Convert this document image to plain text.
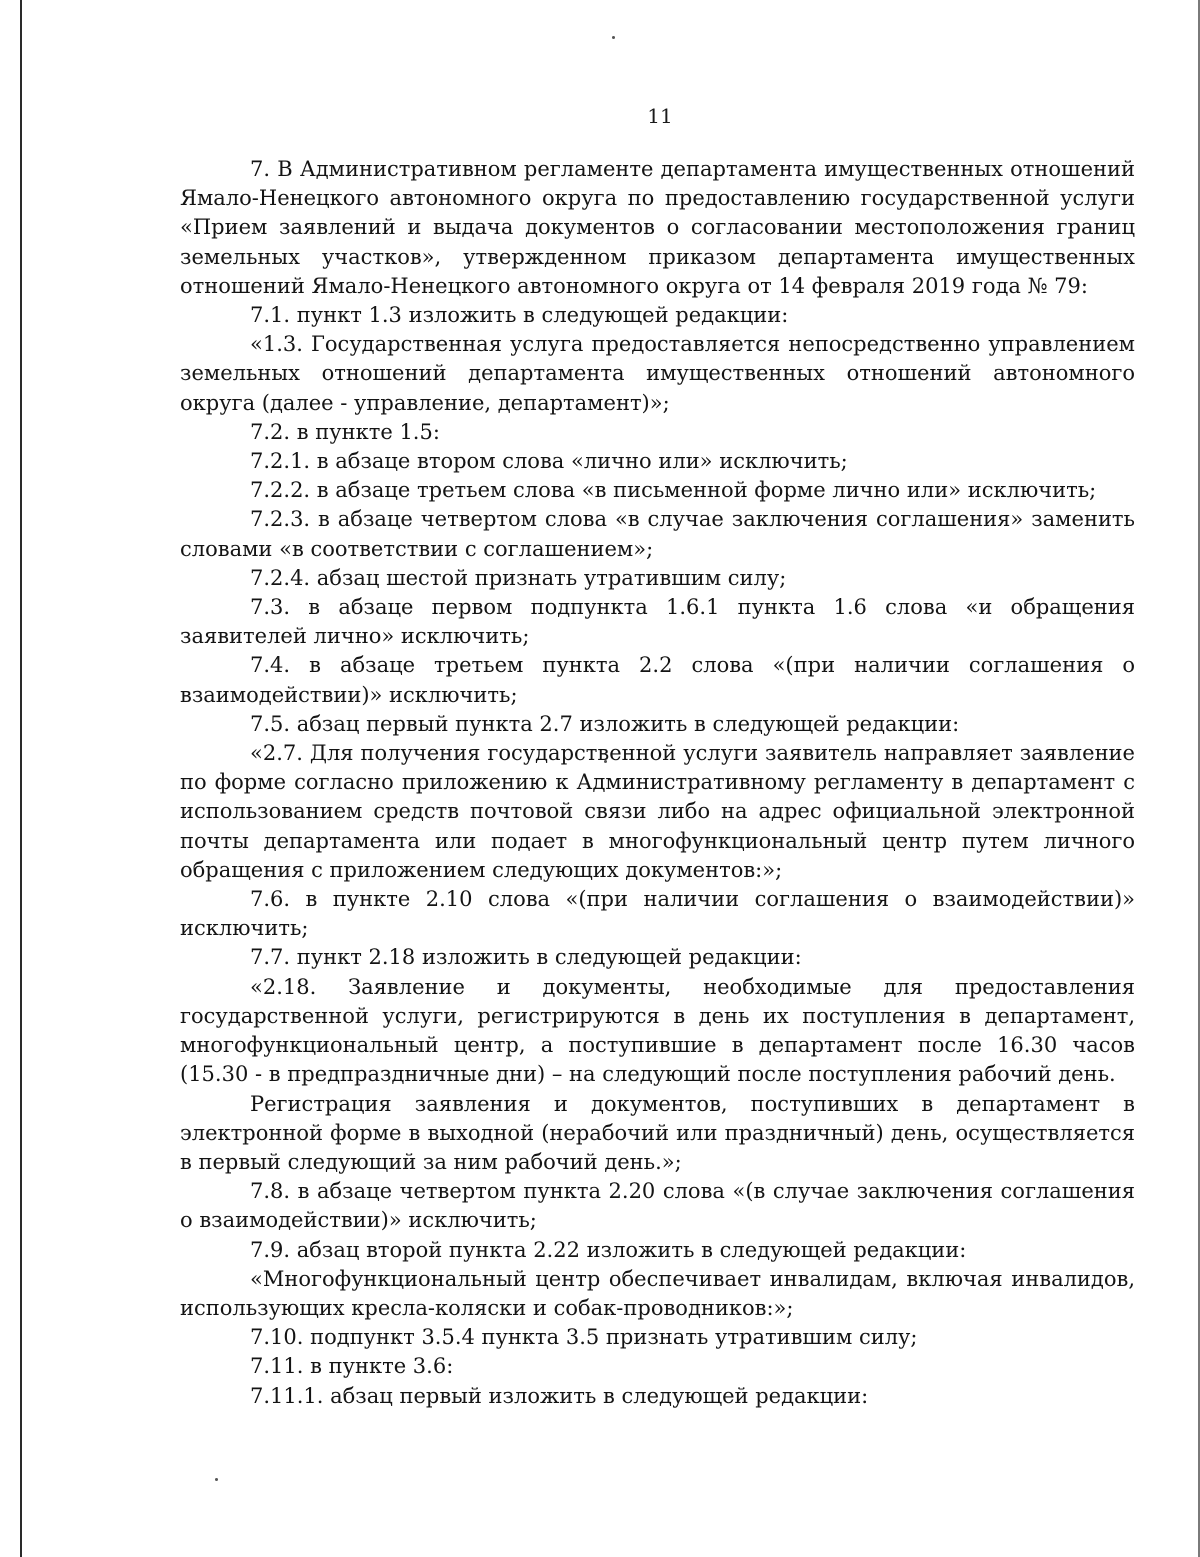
11

7. В Административном регламенте департамента имущественных отношений Ямало-Ненецкого автономного округа по предоставлению государственной услуги «Прием заявлений и выдача документов о согласовании местоположения границ земельных участков», утвержденном приказом департамента имущественных отношений Ямало-Ненецкого автономного округа от 14 февраля 2019 года № 79:

7.1. пункт 1.3 изложить в следующей редакции:

«1.3. Государственная услуга предоставляется непосредственно управлением земельных отношений департамента имущественных отношений автономного округа (далее - управление, департамент)»;

7.2. в пункте 1.5:

7.2.1. в абзаце втором слова «лично или» исключить;

7.2.2. в абзаце третьем слова «в письменной форме лично или» исключить;

7.2.3. в абзаце четвертом слова «в случае заключения соглашения» заменить словами «в соответствии с соглашением»;

7.2.4. абзац шестой признать утратившим силу;

7.3. в абзаце первом подпункта 1.6.1 пункта 1.6 слова «и обращения заявителей лично» исключить;

7.4. в абзаце третьем пункта 2.2 слова «(при наличии соглашения о взаимодействии)» исключить;

7.5. абзац первый пункта 2.7 изложить в следующей редакции:

«2.7. Для получения государственной услуги заявитель направляет заявление по форме согласно приложению к Административному регламенту в департамент с использованием средств почтовой связи либо на адрес официальной электронной почты департамента или подает в многофункциональный центр путем личного обращения с приложением следующих документов:»;

7.6. в пункте 2.10 слова «(при наличии соглашения о взаимодействии)» исключить;

7.7. пункт 2.18 изложить в следующей редакции:

«2.18. Заявление и документы, необходимые для предоставления государственной услуги, регистрируются в день их поступления в департамент, многофункциональный центр, а поступившие в департамент после 16.30 часов (15.30 - в предпраздничные дни) – на следующий после поступления рабочий день.

Регистрация заявления и документов, поступивших в департамент в электронной форме в выходной (нерабочий или праздничный) день, осуществляется в первый следующий за ним рабочий день.»;

7.8. в абзаце четвертом пункта 2.20 слова «(в случае заключения соглашения о взаимодействии)» исключить;

7.9. абзац второй пункта 2.22 изложить в следующей редакции:

«Многофункциональный центр обеспечивает инвалидам, включая инвалидов, использующих кресла-коляски и собак-проводников:»;

7.10. подпункт 3.5.4 пункта 3.5 признать утратившим силу;

7.11. в пункте 3.6:

7.11.1. абзац первый изложить в следующей редакции:
